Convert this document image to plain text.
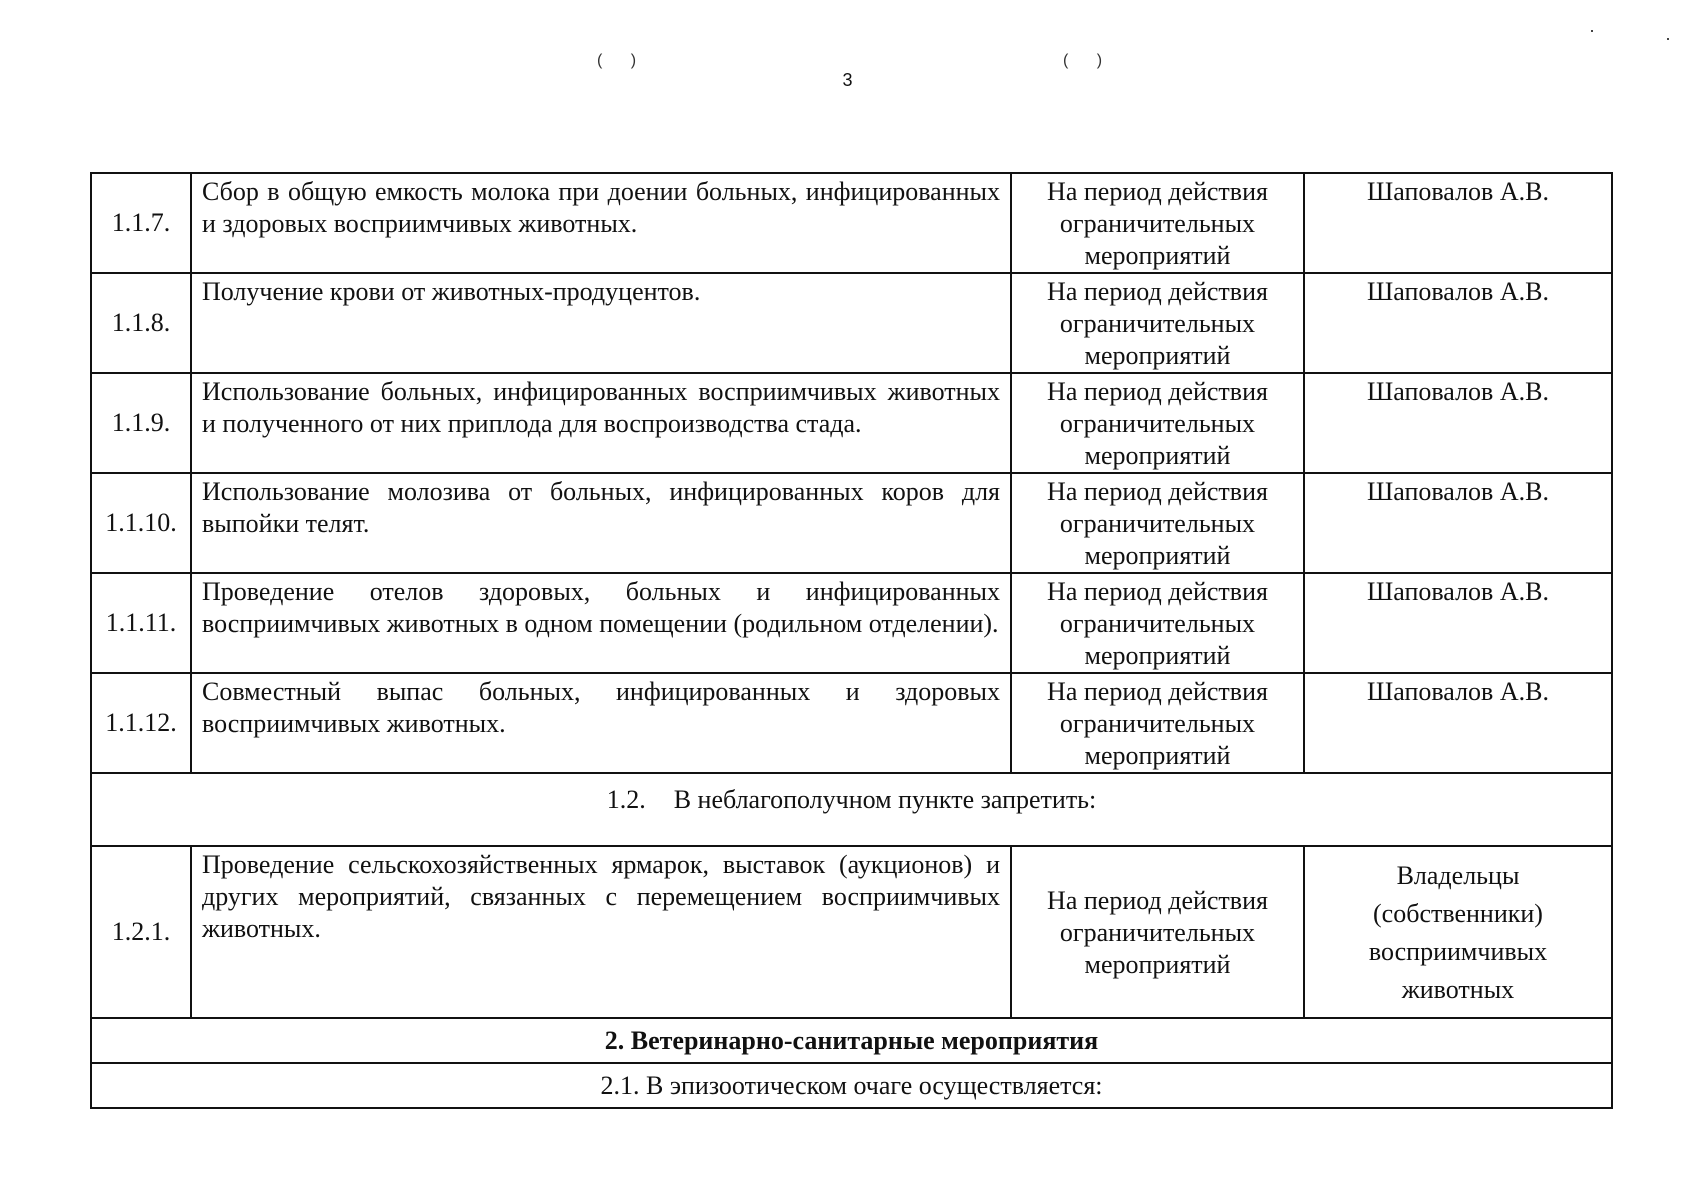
( )	( )
3
1.1.7.	Сбор в общую емкость молока при доении больных, инфицированных и здоровых восприимчивых животных.	На период действия ограничительных мероприятий	Шаповалов А.В.
1.1.8.	Получение крови от животных-продуцентов.	На период действия ограничительных мероприятий	Шаповалов А.В.
1.1.9.	Использование больных, инфицированных восприимчивых животных и полученного от них приплода для воспроизводства стада.	На период действия ограничительных мероприятий	Шаповалов А.В.
1.1.10.	Использование молозива от больных, инфицированных коров для выпойки телят.	На период действия ограничительных мероприятий	Шаповалов А.В.
1.1.11.	Проведение отелов здоровых, больных и инфицированных восприимчивых животных в одном помещении (родильном отделении).	На период действия ограничительных мероприятий	Шаповалов А.В.
1.1.12.	Совместный выпас больных, инфицированных и здоровых восприимчивых животных.	На период действия ограничительных мероприятий	Шаповалов А.В.
1.2. В неблагополучном пункте запретить:			
1.2.1.	Проведение сельскохозяйственных ярмарок, выставок (аукционов) и других мероприятий, связанных с перемещением восприимчивых животных.	На период действия ограничительных мероприятий	Владельцы (собственники) восприимчивых животных
2. Ветеринарно-санитарные мероприятия			
2.1. В эпизоотическом очаге осуществляется:			
